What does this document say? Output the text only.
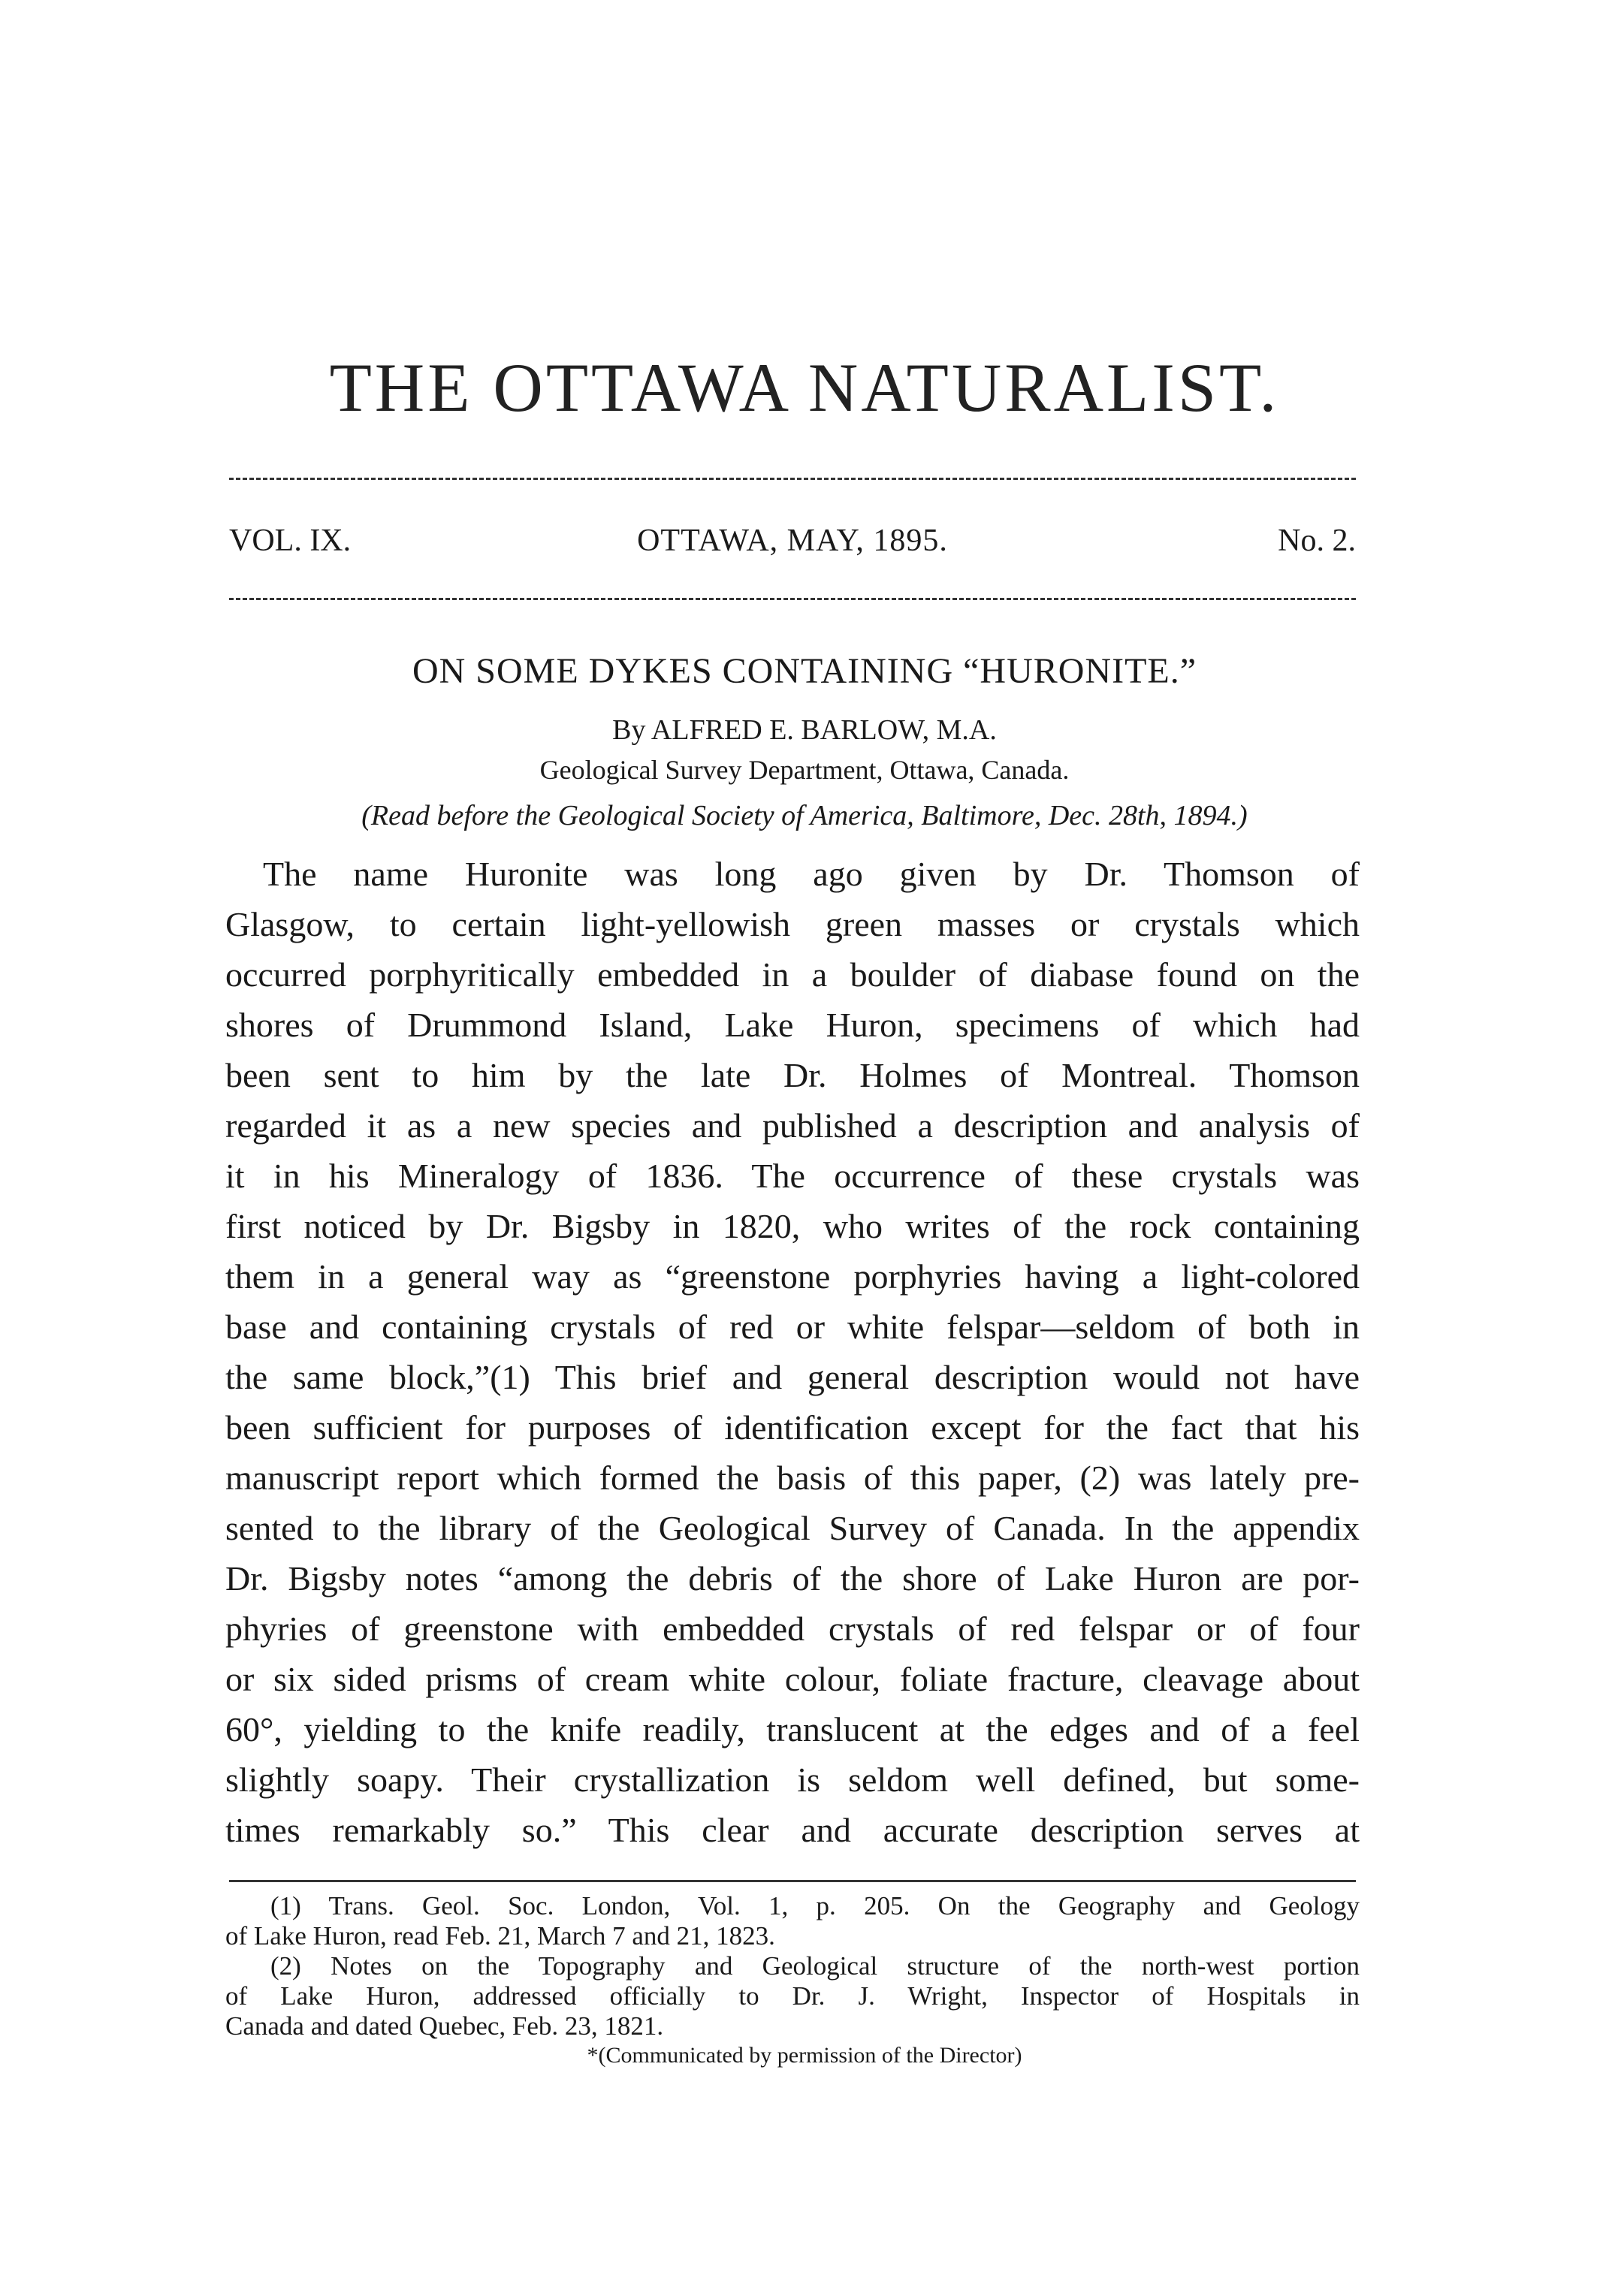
THE OTTAWA NATURALIST.
VOL. IX.	OTTAWA, MAY, 1895.	No. 2.
ON SOME DYKES CONTAINING “HURONITE.”
By ALFRED E. BARLOW, M.A.
Geological Survey Department, Ottawa, Canada.
(Read before the Geological Society of America, Baltimore, Dec. 28th, 1894.)
The name Huronite was long ago given by Dr. Thomson of
Glasgow, to certain light-yellowish green masses or crystals which
occurred porphyritically embedded in a boulder of diabase found on the
shores of Drummond Island, Lake Huron, specimens of which had
been sent to him by the late Dr. Holmes of Montreal. Thomson
regarded it as a new species and published a description and analysis of
it in his Mineralogy of 1836. The occurrence of these crystals was
first noticed by Dr. Bigsby in 1820, who writes of the rock containing
them in a general way as “greenstone porphyries having a light-colored
base and containing crystals of red or white felspar—seldom of both in
the same block,”(1) This brief and general description would not have
been sufficient for purposes of identification except for the fact that his
manuscript report which formed the basis of this paper, (2) was lately pre-
sented to the library of the Geological Survey of Canada. In the appendix
Dr. Bigsby notes “among the debris of the shore of Lake Huron are por-
phyries of greenstone with embedded crystals of red felspar or of four
or six sided prisms of cream white colour, foliate fracture, cleavage about
60°, yielding to the knife readily, translucent at the edges and of a feel
slightly soapy. Their crystallization is seldom well defined, but some-
times remarkably so.” This clear and accurate description serves at
(1) Trans. Geol. Soc. London, Vol. 1, p. 205. On the Geography and Geology
of Lake Huron, read Feb. 21, March 7 and 21, 1823.
(2) Notes on the Topography and Geological structure of the north-west portion
of Lake Huron, addressed officially to Dr. J. Wright, Inspector of Hospitals in
Canada and dated Quebec, Feb. 23, 1821.
*(Communicated by permission of the Director)
